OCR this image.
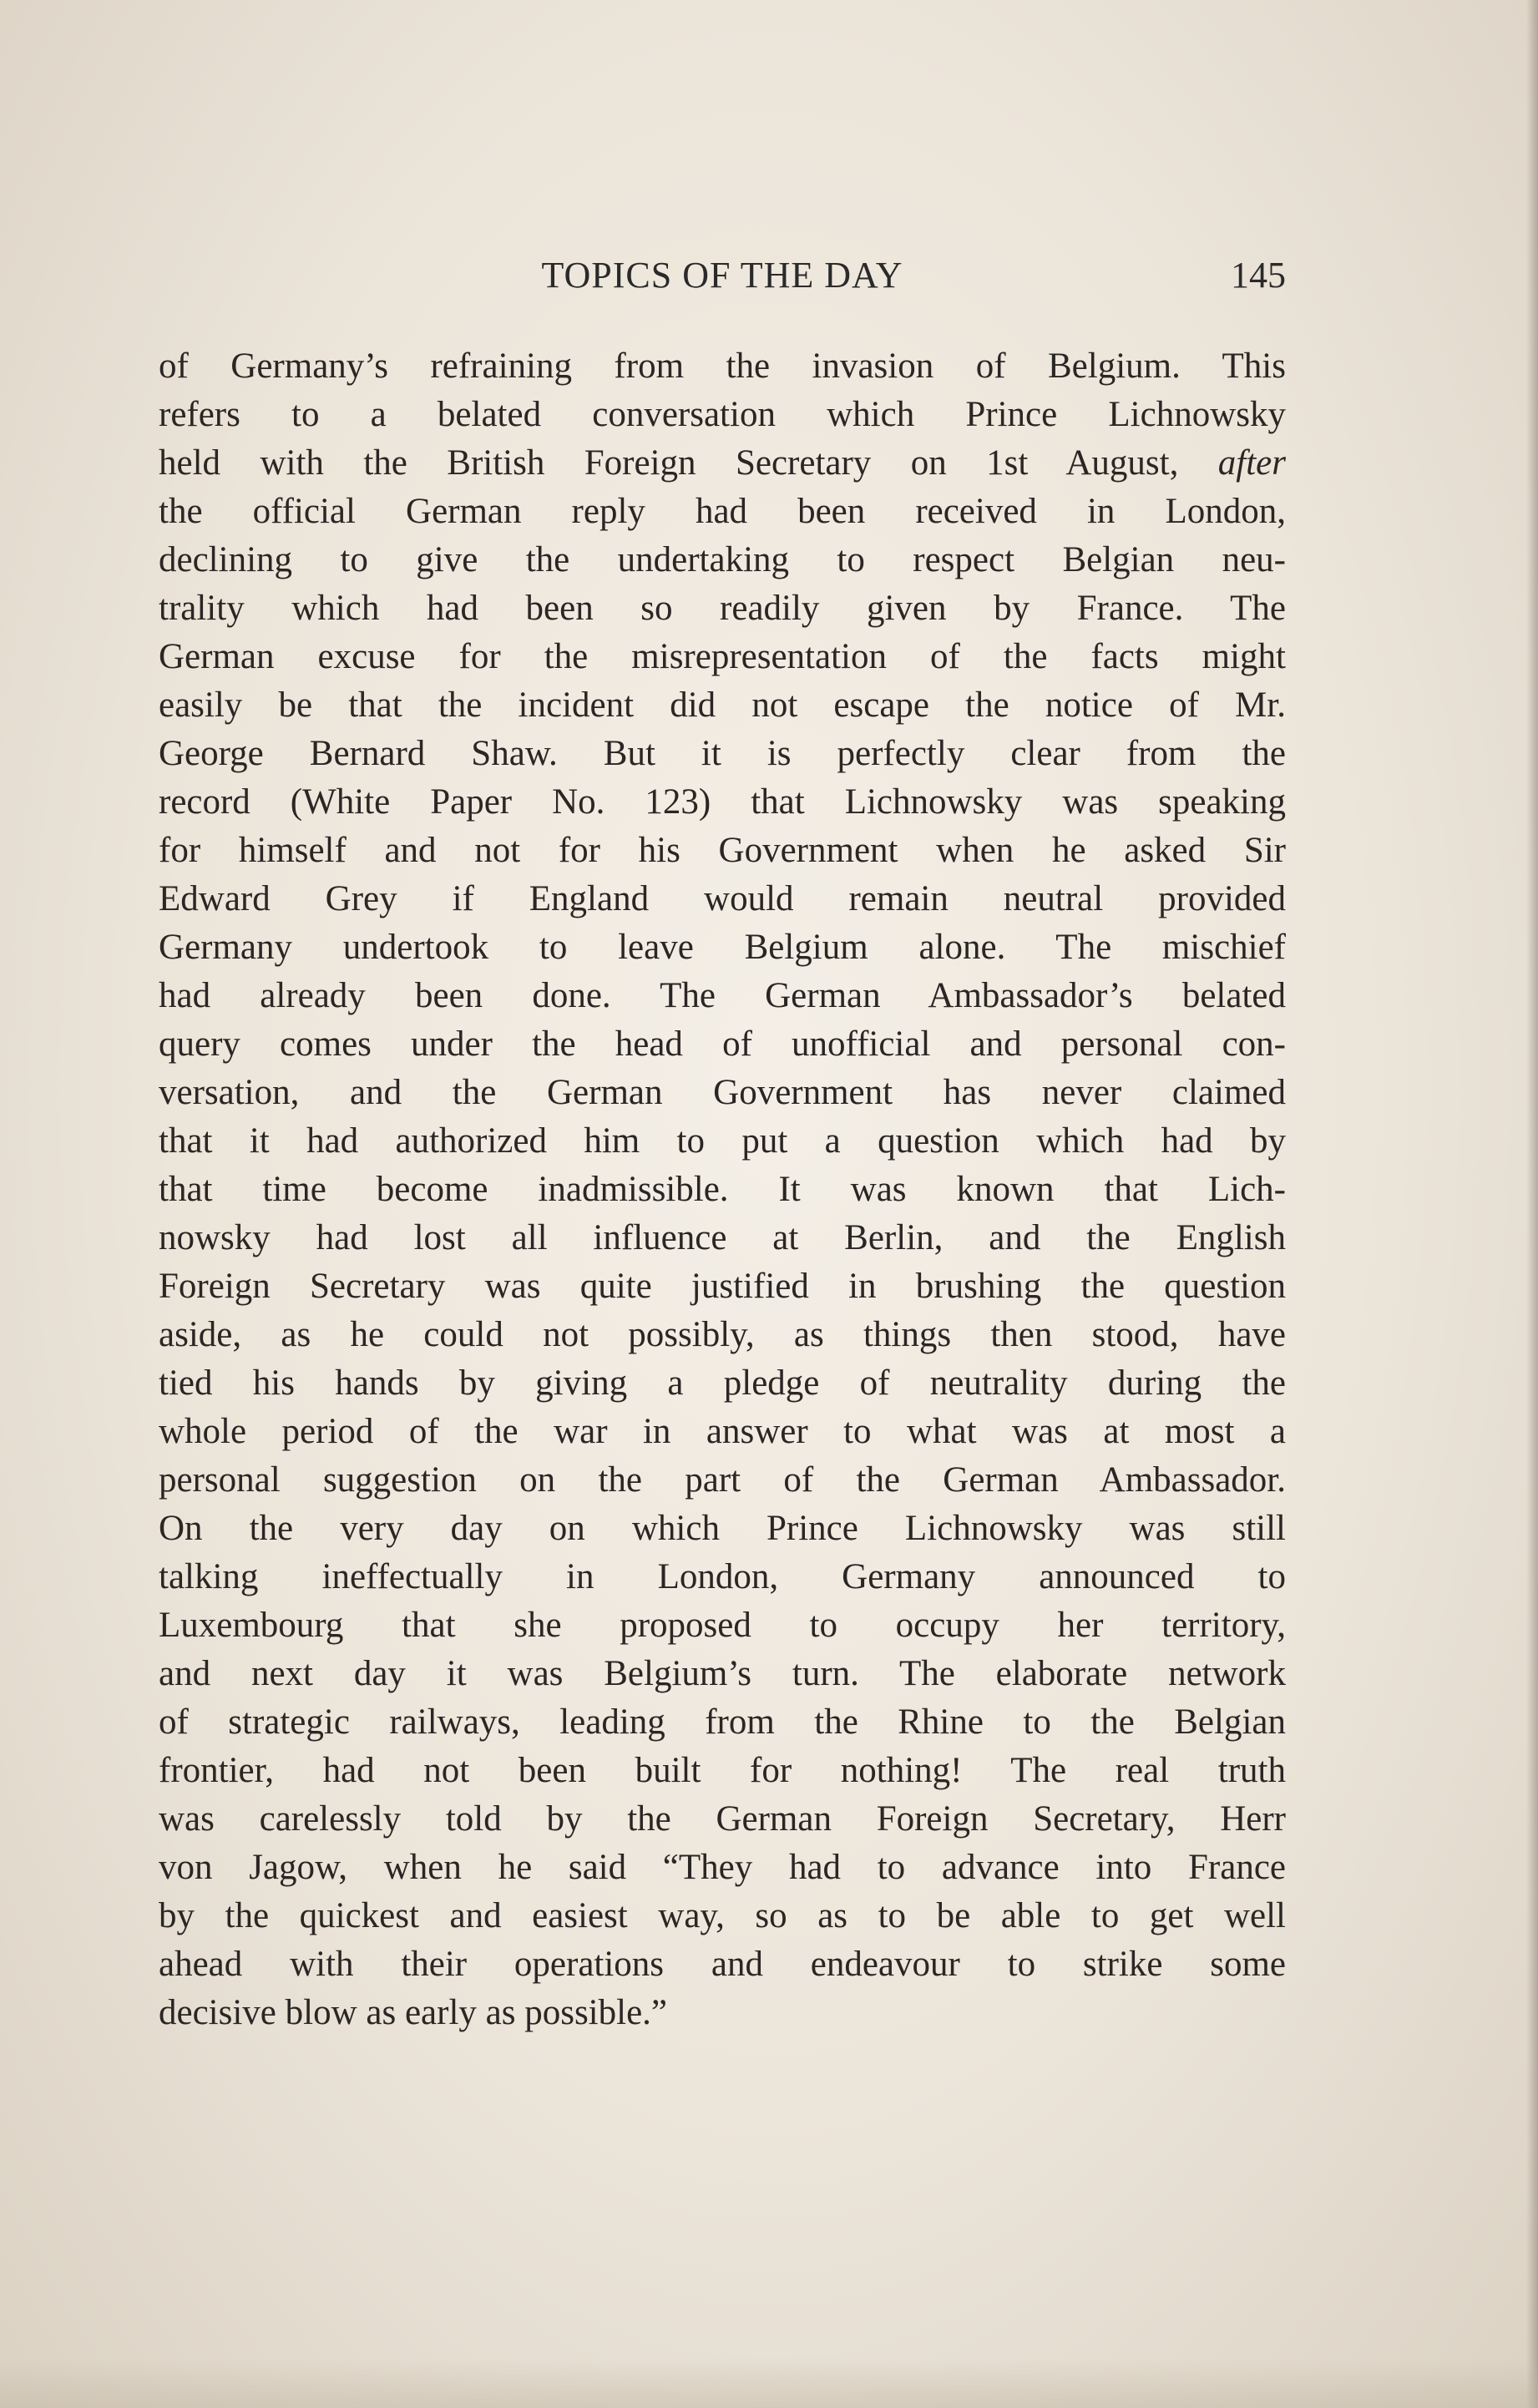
TOPICS OF THE DAY	145
of Germany’s refraining from the invasion of Belgium. This
refers to a belated conversation which Prince Lichnowsky
held with the British Foreign Secretary on 1st August, after
the official German reply had been received in London,
declining to give the undertaking to respect Belgian neu-
trality which had been so readily given by France. The
German excuse for the misrepresentation of the facts might
easily be that the incident did not escape the notice of Mr.
George Bernard Shaw. But it is perfectly clear from the
record (White Paper No. 123) that Lichnowsky was speaking
for himself and not for his Government when he asked Sir
Edward Grey if England would remain neutral provided
Germany undertook to leave Belgium alone. The mischief
had already been done. The German Ambassador’s belated
query comes under the head of unofficial and personal con-
versation, and the German Government has never claimed
that it had authorized him to put a question which had by
that time become inadmissible. It was known that Lich-
nowsky had lost all influence at Berlin, and the English
Foreign Secretary was quite justified in brushing the question
aside, as he could not possibly, as things then stood, have
tied his hands by giving a pledge of neutrality during the
whole period of the war in answer to what was at most a
personal suggestion on the part of the German Ambassador.
On the very day on which Prince Lichnowsky was still
talking ineffectually in London, Germany announced to
Luxembourg that she proposed to occupy her territory,
and next day it was Belgium’s turn. The elaborate network
of strategic railways, leading from the Rhine to the Belgian
frontier, had not been built for nothing! The real truth
was carelessly told by the German Foreign Secretary, Herr
von Jagow, when he said “They had to advance into France
by the quickest and easiest way, so as to be able to get well
ahead with their operations and endeavour to strike some
decisive blow as early as possible.”
